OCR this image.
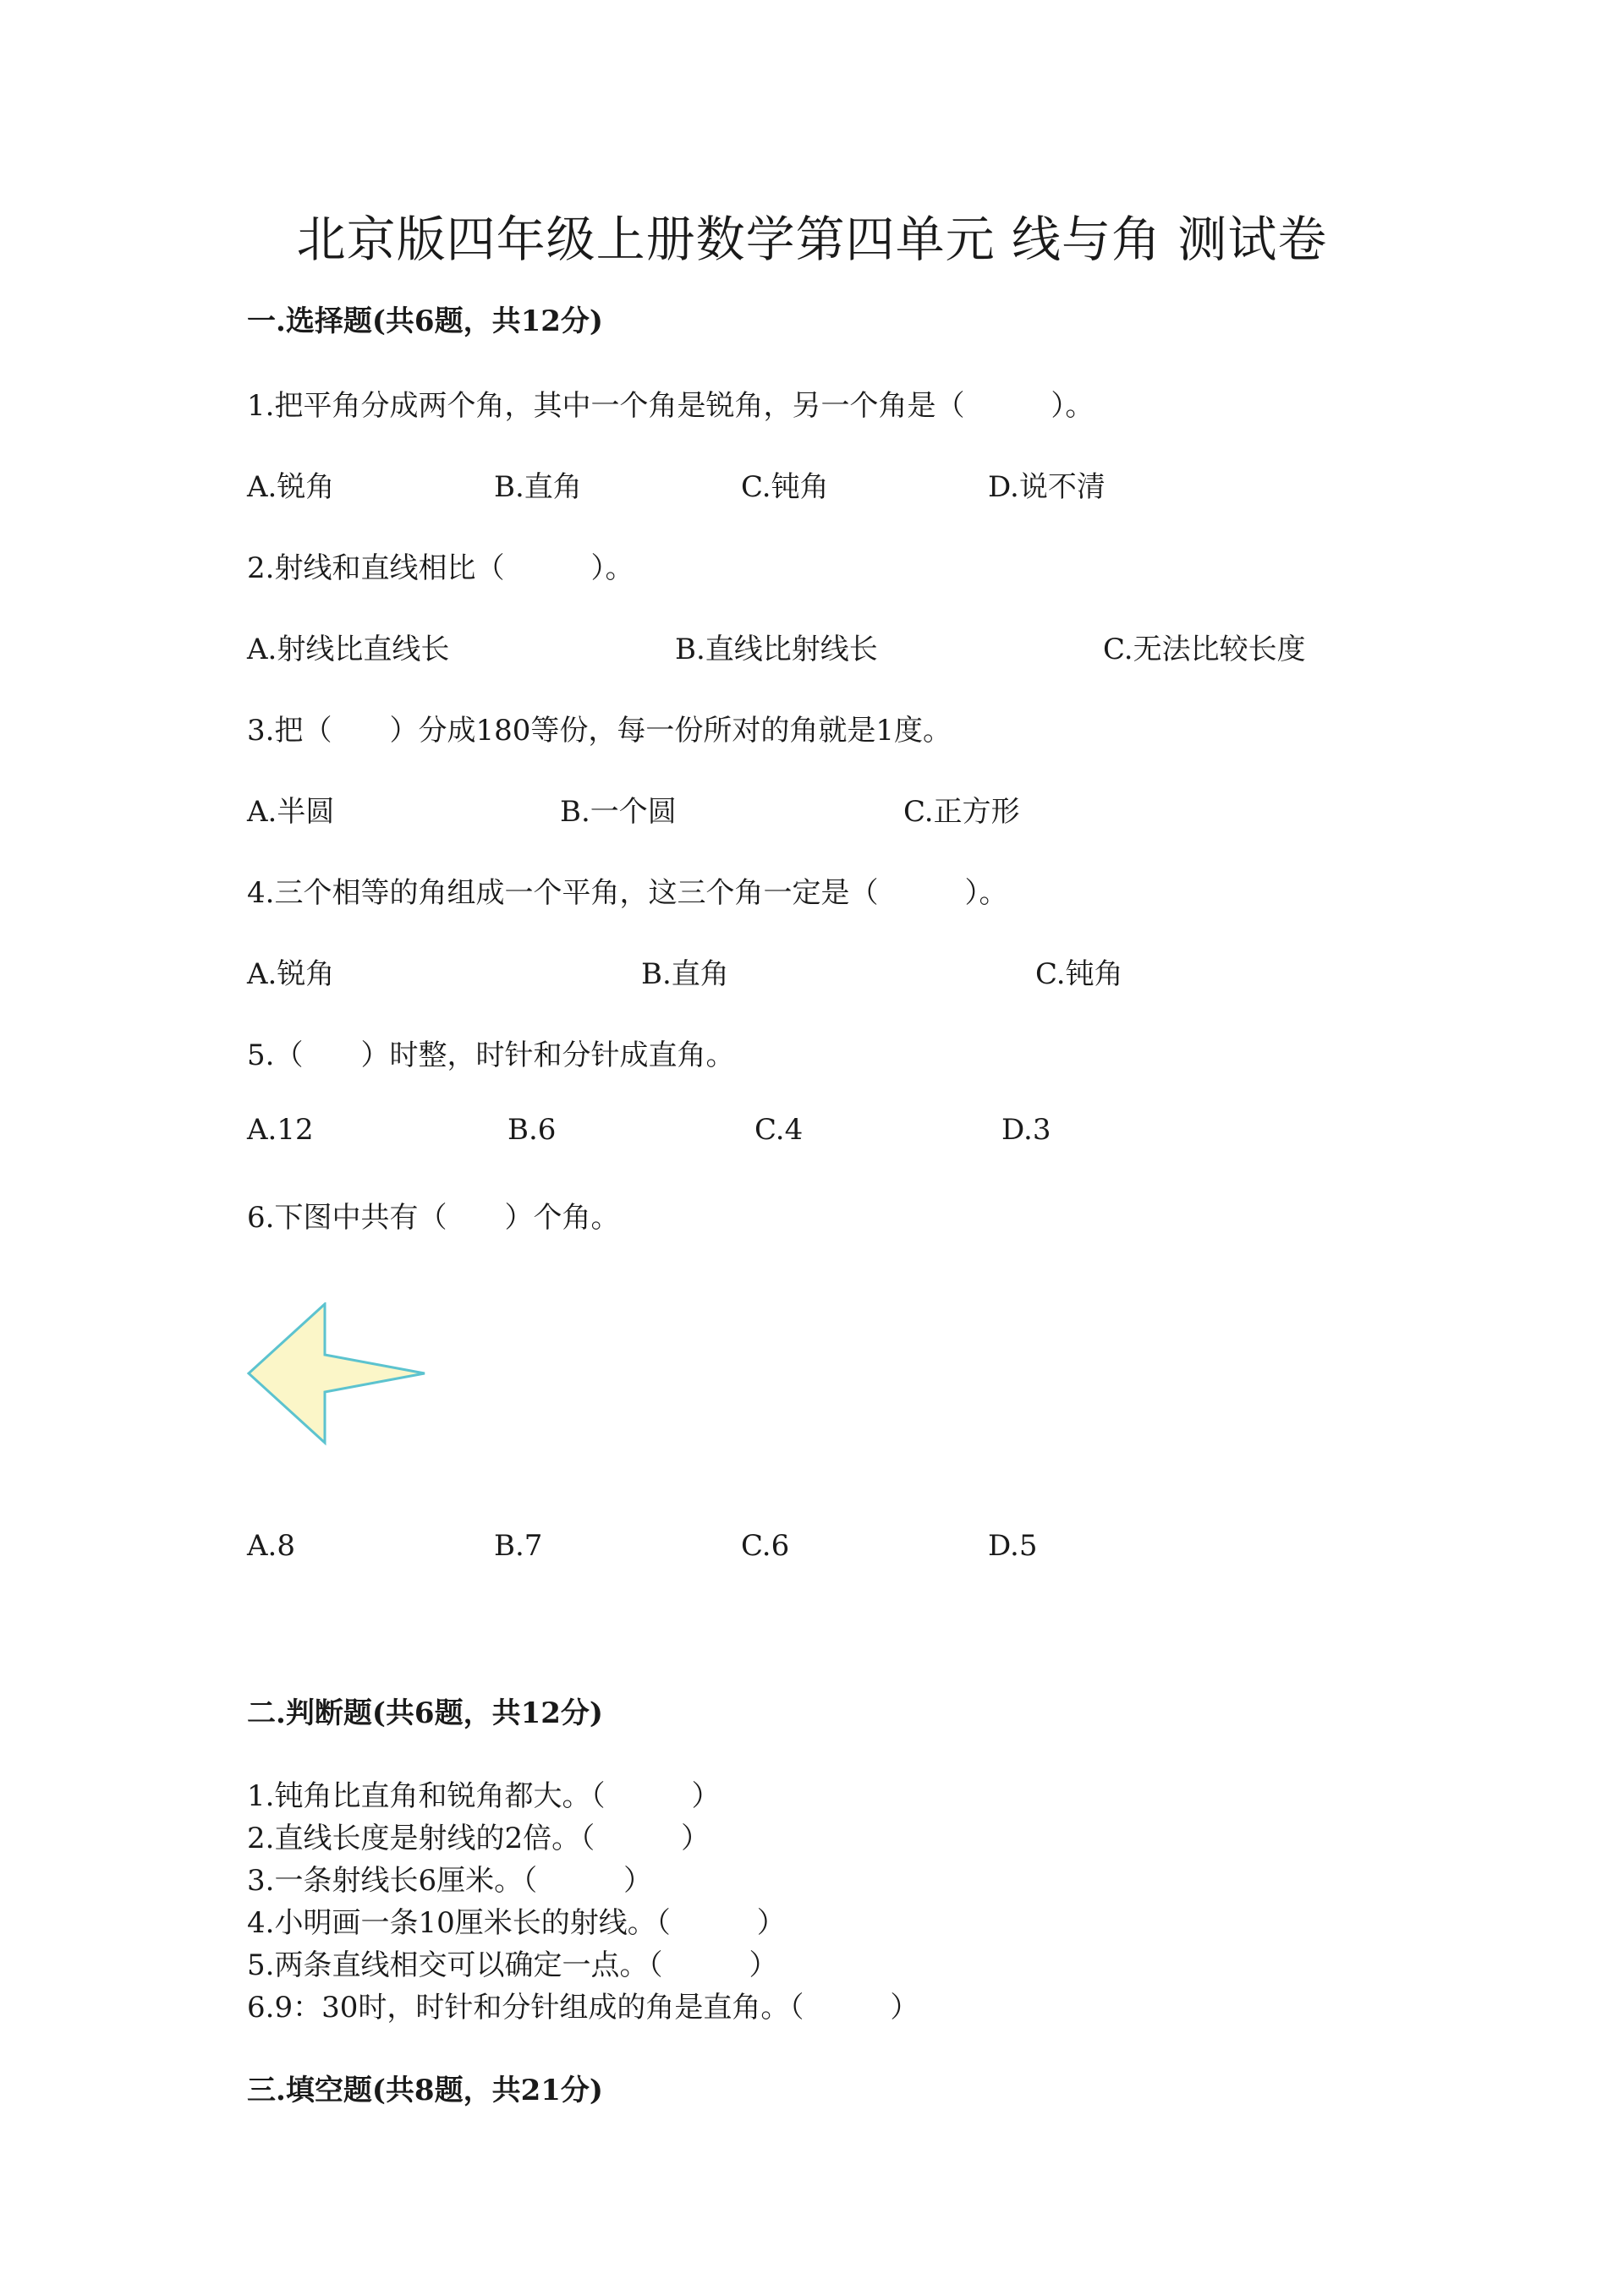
北京版四年级上册数学第四单元 线与角 测试卷
一.选择题(共6题，共12分)
1.把平角分成两个角，其中一个角是锐角，另一个角是（　　　）。
A.锐角	B.直角	C.钝角	D.说不清
2.射线和直线相比（　　　）。
A.射线比直线长	B.直线比射线长	C.无法比较长度
3.把（　　）分成180等份，每一份所对的角就是1度。
A.半圆	B.一个圆	C.正方形
4.三个相等的角组成一个平角，这三个角一定是（　　　）。
A.锐角	B.直角	C.钝角
5.（　　）时整，时针和分针成直角。
A.12	B.6	C.4	D.3
6.下图中共有（　　）个角。
A.8	B.7	C.6	D.5
二.判断题(共6题，共12分)
1.钝角比直角和锐角都大。（　　　）
2.直线长度是射线的2倍。（　　　）
3.一条射线长6厘米。（　　　）
4.小明画一条10厘米长的射线。（　　　）
5.两条直线相交可以确定一点。（　　　）
6.9：30时，时针和分针组成的角是直角。（　　　）
三.填空题(共8题，共21分)
